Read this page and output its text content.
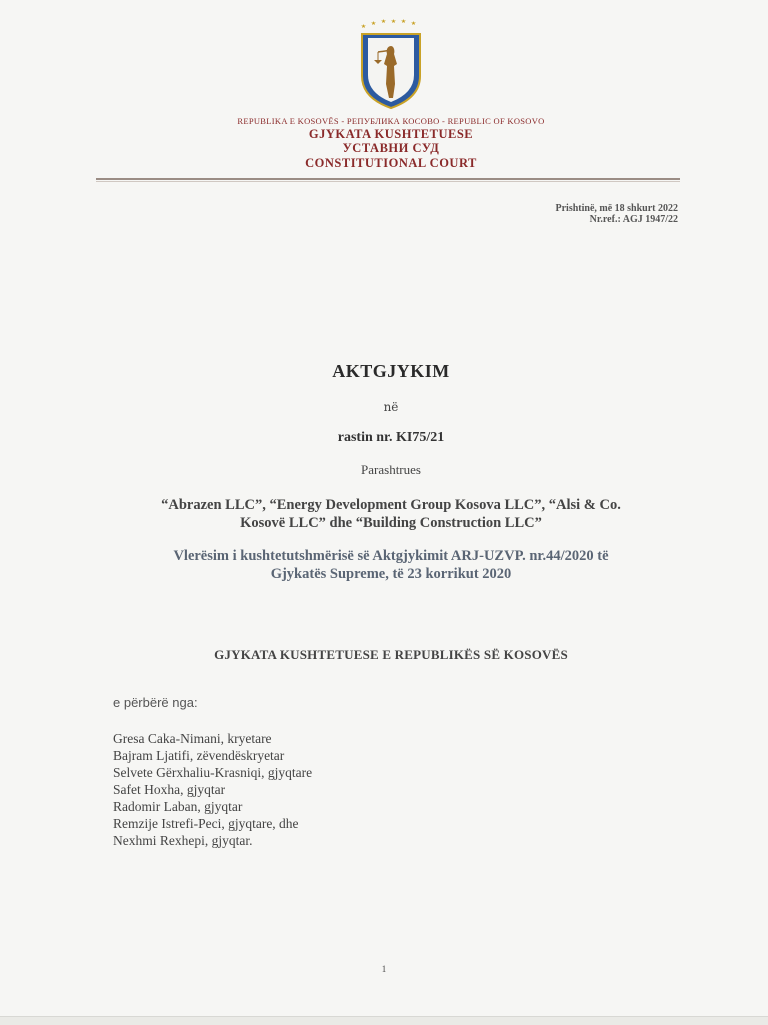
REPUBLIKA E KOSOVËS - РЕПУБЛИКА КОСОВО - REPUBLIC OF KOSOVO
GJYKATA KUSHTETUESE
УСТАВНИ СУД
CONSTITUTIONAL COURT
Prishtinë, më 18 shkurt 2022
Nr.ref.: AGJ 1947/22
AKTGJYKIM
në
rastin nr. KI75/21
Parashtrues
“Abrazen LLC”, “Energy Development Group Kosova LLC”, “Alsi & Co.
Kosovë LLC” dhe “Building Construction LLC”
Vlerësim i kushtetutshmërisë së Aktgjykimit ARJ-UZVP. nr.44/2020 të
Gjykatës Supreme, të 23 korrikut 2020
GJYKATA KUSHTETUESE E REPUBLIKËS SË KOSOVËS
e përbërë nga:
Gresa Caka-Nimani, kryetare
Bajram Ljatifi, zëvendëskryetar
Selvete Gërxhaliu-Krasniqi, gjyqtare
Safet Hoxha, gjyqtar
Radomir Laban, gjyqtar
Remzije Istrefi-Peci, gjyqtare, dhe
Nexhmi Rexhepi, gjyqtar.
1
